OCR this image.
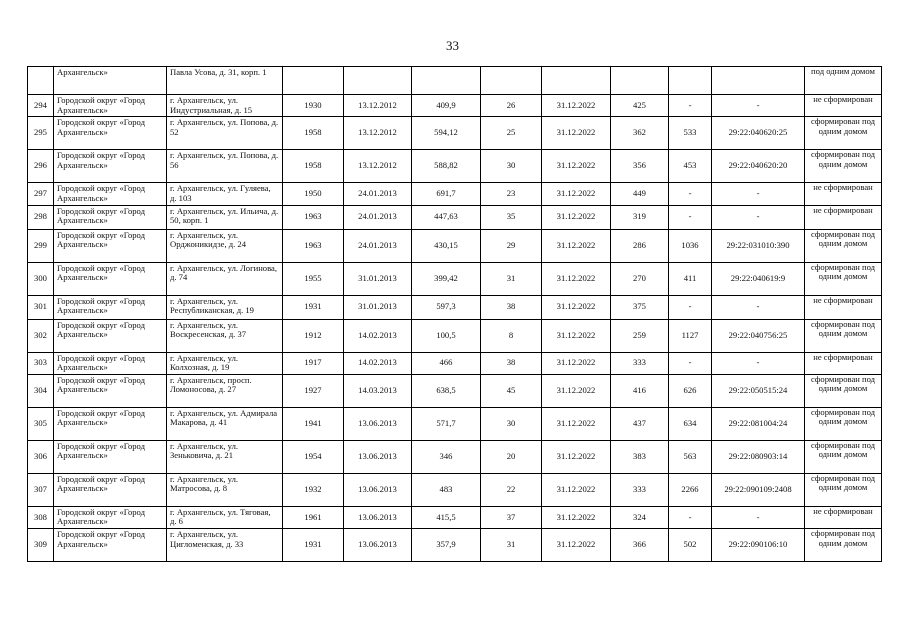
33
	Архангельск»	Павла Усова, д. 31, корп. 1									под одним домом
294	Городской округ «Город Архангельск»	г. Архангельск, ул. Индустриальная, д. 15	1930	13.12.2012	409,9	26	31.12.2022	425	-	-	не сформирован
295	Городской округ «Город Архангельск»	г. Архангельск, ул. Попова, д. 52	1958	13.12.2012	594,12	25	31.12.2022	362	533	29:22:040620:25	сформирован под одним домом
296	Городской округ «Город Архангельск»	г. Архангельск, ул. Попова, д. 56	1958	13.12.2012	588,82	30	31.12.2022	356	453	29:22:040620:20	сформирован под одним домом
297	Городской округ «Город Архангельск»	г. Архангельск, ул. Гуляева, д. 103	1950	24.01.2013	691,7	23	31.12.2022	449	-	-	не сформирован
298	Городской округ «Город Архангельск»	г. Архангельск, ул. Ильича, д. 50, корп. 1	1963	24.01.2013	447,63	35	31.12.2022	319	-	-	не сформирован
299	Городской округ «Город Архангельск»	г. Архангельск, ул. Орджоникидзе, д. 24	1963	24.01.2013	430,15	29	31.12.2022	286	1036	29:22:031010:390	сформирован под одним домом
300	Городской округ «Город Архангельск»	г. Архангельск, ул. Логинова, д. 74	1955	31.01.2013	399,42	31	31.12.2022	270	411	29:22:040619:9	сформирован под одним домом
301	Городской округ «Город Архангельск»	г. Архангельск, ул. Республиканская, д. 19	1931	31.01.2013	597,3	38	31.12.2022	375	-	-	не сформирован
302	Городской округ «Город Архангельск»	г. Архангельск, ул. Воскресенская, д. 37	1912	14.02.2013	100,5	8	31.12.2022	259	1127	29:22:040756:25	сформирован под одним домом
303	Городской округ «Город Архангельск»	г. Архангельск, ул. Колхозная, д. 19	1917	14.02.2013	466	38	31.12.2022	333	-	-	не сформирован
304	Городской округ «Город Архангельск»	г. Архангельск, просп. Ломоносова, д. 27	1927	14.03.2013	638,5	45	31.12.2022	416	626	29:22:050515:24	сформирован под одним домом
305	Городской округ «Город Архангельск»	г. Архангельск, ул. Адмирала Макарова, д. 41	1941	13.06.2013	571,7	30	31.12.2022	437	634	29:22:081004:24	сформирован под одним домом
306	Городской округ «Город Архангельск»	г. Архангельск, ул. Зеньковича, д. 21	1954	13.06.2013	346	20	31.12.2022	383	563	29:22:080903:14	сформирован под одним домом
307	Городской округ «Город Архангельск»	г. Архангельск, ул. Матросова, д. 8	1932	13.06.2013	483	22	31.12.2022	333	2266	29:22:090109:2408	сформирован под одним домом
308	Городской округ «Город Архангельск»	г. Архангельск, ул. Тяговая, д. 6	1961	13.06.2013	415,5	37	31.12.2022	324	-	-	не сформирован
309	Городской округ «Город Архангельск»	г. Архангельск, ул. Цигломенская, д. 33	1931	13.06.2013	357,9	31	31.12.2022	366	502	29:22:090106:10	сформирован под одним домом
